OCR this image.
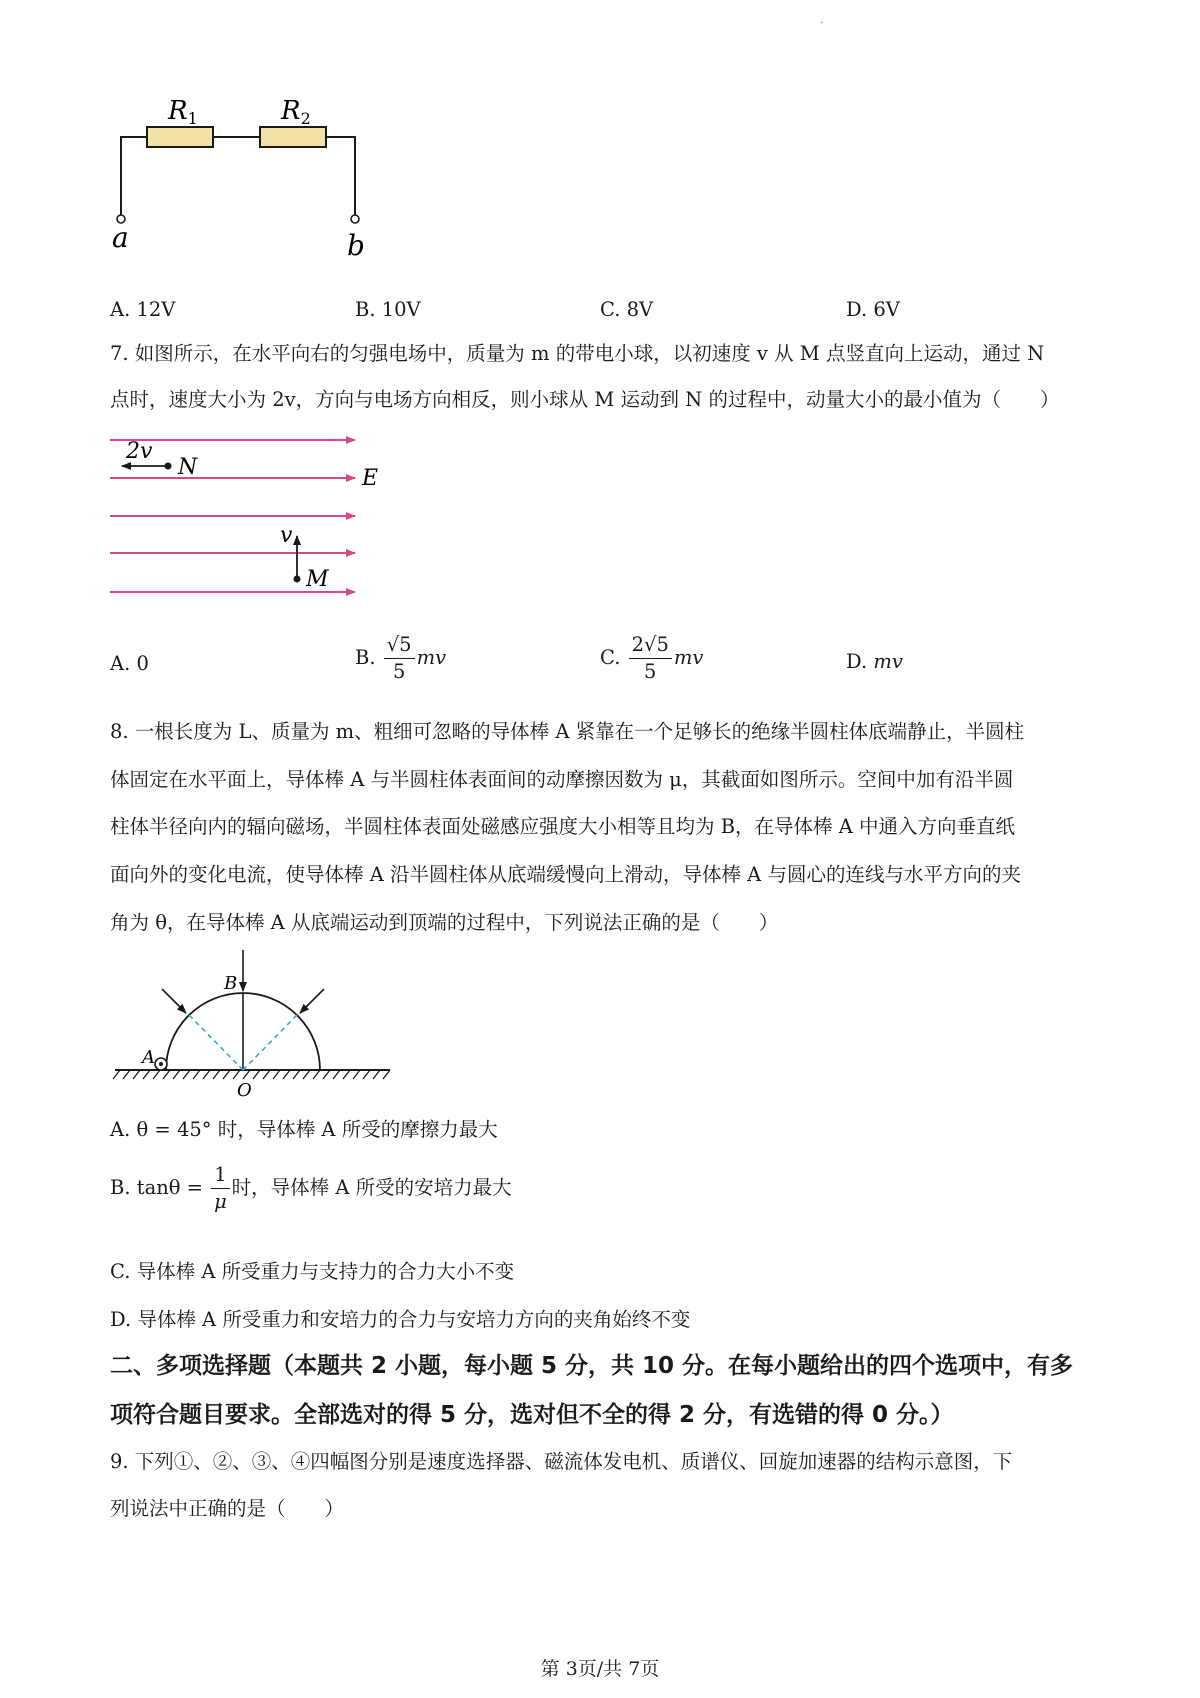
·
R1	R2
a	b
A. 12V	B. 10V	C. 8V	D. 6V
7. 如图所示，在水平向右的匀强电场中，质量为 m 的带电小球，以初速度 v 从 M 点竖直向上运动，通过 N
点时，速度大小为 2v，方向与电场方向相反，则小球从 M 运动到 N 的过程中，动量大小的最小值为（　　）
2v
N	E
v
M
A. 0	B. $\frac{√5}{5}$ mv	C. $\frac{2√5}{5}$ mv	D. mv
8. 一根长度为 L、质量为 m、粗细可忽略的导体棒 A 紧靠在一个足够长的绝缘半圆柱体底端静止，半圆柱
体固定在水平面上，导体棒 A 与半圆柱体表面间的动摩擦因数为 μ，其截面如图所示。空间中加有沿半圆
柱体半径向内的辐向磁场，半圆柱体表面处磁感应强度大小相等且均为 B，在导体棒 A 中通入方向垂直纸
面向外的变化电流，使导体棒 A 沿半圆柱体从底端缓慢向上滑动，导体棒 A 与圆心的连线与水平方向的夹
角为 θ，在导体棒 A 从底端运动到顶端的过程中，下列说法正确的是（　　）
B
A
O
A. θ = 45° 时，导体棒 A 所受的摩擦力最大
B. $\tan\theta = \frac{1}{\mu}$ 时，导体棒 A 所受的安培力最大
C. 导体棒 A 所受重力与支持力的合力大小不变
D. 导体棒 A 所受重力和安培力的合力与安培力方向的夹角始终不变
二、多项选择题（本题共 2 小题，每小题 5 分，共 10 分。在每小题给出的四个选项中，有多
项符合题目要求。全部选对的得 5 分，选对但不全的得 2 分，有选错的得 0 分。）
9. 下列①、②、③、④四幅图分别是速度选择器、磁流体发电机、质谱仪、回旋加速器的结构示意图，下
列说法中正确的是（　　）
第 3页/共 7页
